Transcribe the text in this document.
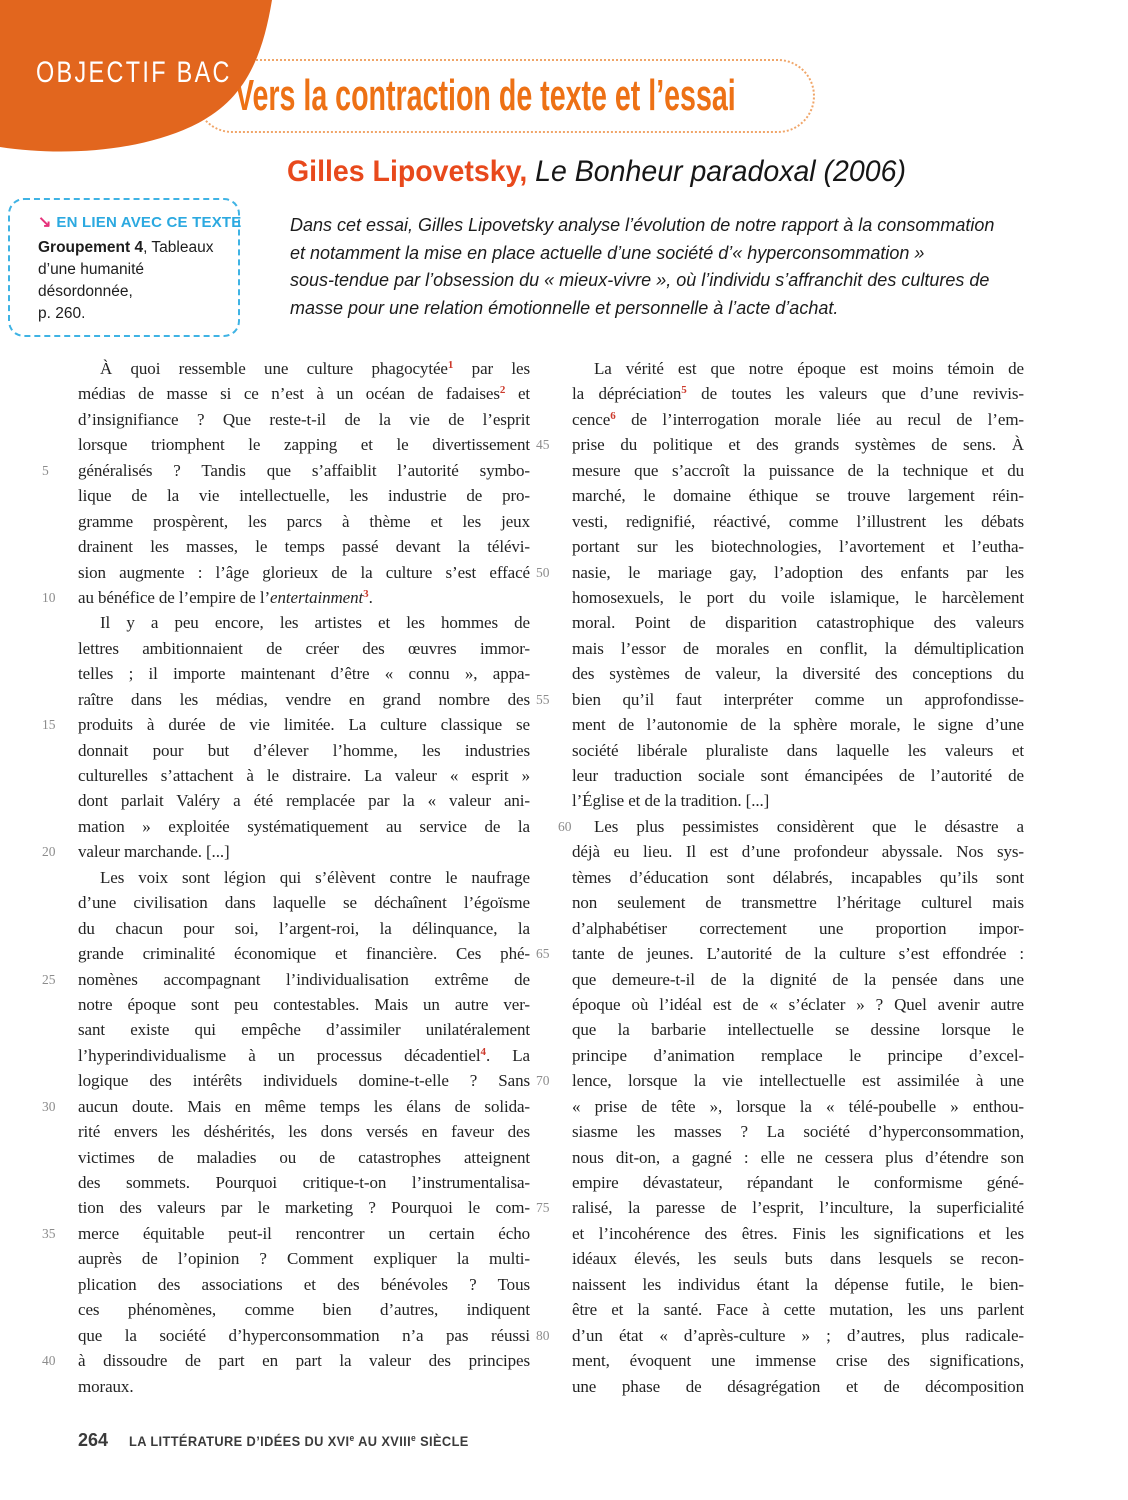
OBJECTIF BAC Vers la contraction de texte et l’essai
Gilles Lipovetsky, Le Bonheur paradoxal (2006)
↘ EN LIEN AVEC CE TEXTE
Groupement 4, Tableaux d’une humanité désordonnée,
p. 260.
Dans cet essai, Gilles Lipovetsky analyse l’évolution de notre rapport à la consommation
et notamment la mise en place actuelle d’une société d’« hyperconsommation »
sous-tendue par l’obsession du « mieux-vivre », où l’individu s’affranchit des cultures de
masse pour une relation émotionnelle et personnelle à l’acte d’achat.
À quoi ressemble une culture phagocytée$^1$ par les
médias de masse si ce n’est à un océan de fadaises$^2$ et
d’insignifiance ? Que reste-t-il de la vie de l’esprit
lorsque triomphent le zapping et le divertissement
5	généralisés ? Tandis que s’affaiblit l’autorité symbo-
lique de la vie intellectuelle, les industrie de pro-
gramme prospèrent, les parcs à thème et les jeux
drainent les masses, le temps passé devant la télévi-
sion augmente : l’âge glorieux de la culture s’est effacé
10	au bénéfice de l’empire de l’entertainment$^3$.
Il y a peu encore, les artistes et les hommes de
lettres ambitionnaient de créer des œuvres immor-
telles ; il importe maintenant d’être « connu », appa-
raître dans les médias, vendre en grand nombre des
15	produits à durée de vie limitée. La culture classique se
donnait pour but d’élever l’homme, les industries
culturelles s’attachent à le distraire. La valeur « esprit »
dont parlait Valéry a été remplacée par la « valeur ani-
mation » exploitée systématiquement au service de la
20	valeur marchande. [...]
Les voix sont légion qui s’élèvent contre le naufrage
d’une civilisation dans laquelle se déchaînent l’égoïsme
du chacun pour soi, l’argent-roi, la délinquance, la
grande criminalité économique et financière. Ces phé-
25	nomènes accompagnant l’individualisation extrême de
notre époque sont peu contestables. Mais un autre ver-
sant existe qui empêche d’assimiler unilatéralement
l’hyperindividualisme à un processus décadentiel$^4$. La
logique des intérêts individuels domine-t-elle ? Sans
30	aucun doute. Mais en même temps les élans de solida-
rité envers les déshérités, les dons versés en faveur des
victimes de maladies ou de catastrophes atteignent
des sommets. Pourquoi critique-t-on l’instrumentalisa-
tion des valeurs par le marketing ? Pourquoi le com-
35	merce équitable peut-il rencontrer un certain écho
auprès de l’opinion ? Comment expliquer la multi-
plication des associations et des bénévoles ? Tous
ces phénomènes, comme bien d’autres, indiquent
que la société d’hyperconsommation n’a pas réussi
40	à dissoudre de part en part la valeur des principes
moraux.
La vérité est que notre époque est moins témoin de
la dépréciation$^5$ de toutes les valeurs que d’une revivis-
cence$^6$ de l’interrogation morale liée au recul de l’em-
45	prise du politique et des grands systèmes de sens. À
mesure que s’accroît la puissance de la technique et du
marché, le domaine éthique se trouve largement réin-
vesti, redignifié, réactivé, comme l’illustrent les débats
portant sur les biotechnologies, l’avortement et l’eutha-
50	nasie, le mariage gay, l’adoption des enfants par les
homosexuels, le port du voile islamique, le harcèlement
moral. Point de disparition catastrophique des valeurs
mais l’essor de morales en conflit, la démultiplication
des systèmes de valeur, la diversité des conceptions du
55	bien qu’il faut interpréter comme un approfondisse-
ment de l’autonomie de la sphère morale, le signe d’une
société libérale pluraliste dans laquelle les valeurs et
leur traduction sociale sont émancipées de l’autorité de
l’Église et de la tradition. [...]
60 Les plus pessimistes considèrent que le désastre a
déjà eu lieu. Il est d’une profondeur abyssale. Nos sys-
tèmes d’éducation sont délabrés, incapables qu’ils sont
non seulement de transmettre l’héritage culturel mais
d’alphabétiser correctement une proportion impor-
65	tante de jeunes. L’autorité de la culture s’est effondrée :
que demeure-t-il de la dignité de la pensée dans une
époque où l’idéal est de « s’éclater » ? Quel avenir autre
que la barbarie intellectuelle se dessine lorsque le
principe d’animation remplace le principe d’excel-
70	lence, lorsque la vie intellectuelle est assimilée à une
« prise de tête », lorsque la « télé-poubelle » enthou-
siasme les masses ? La société d’hyperconsommation,
nous dit-on, a gagné : elle ne cessera plus d’étendre son
empire dévastateur, répandant le conformisme géné-
75	ralisé, la paresse de l’esprit, l’inculture, la superficialité
et l’incohérence des êtres. Finis les significations et les
idéaux élevés, les seuls buts dans lesquels se recon-
naissent les individus étant la dépense futile, le bien-
être et la santé. Face à cette mutation, les uns parlent
80	d’un état « d’après-culture » ; d’autres, plus radicale-
ment, évoquent une immense crise des significations,
une phase de désagrégation et de décomposition
264 LA LITTÉRATURE D’IDÉES DU XVIe AU XVIIIe SIÈCLE
